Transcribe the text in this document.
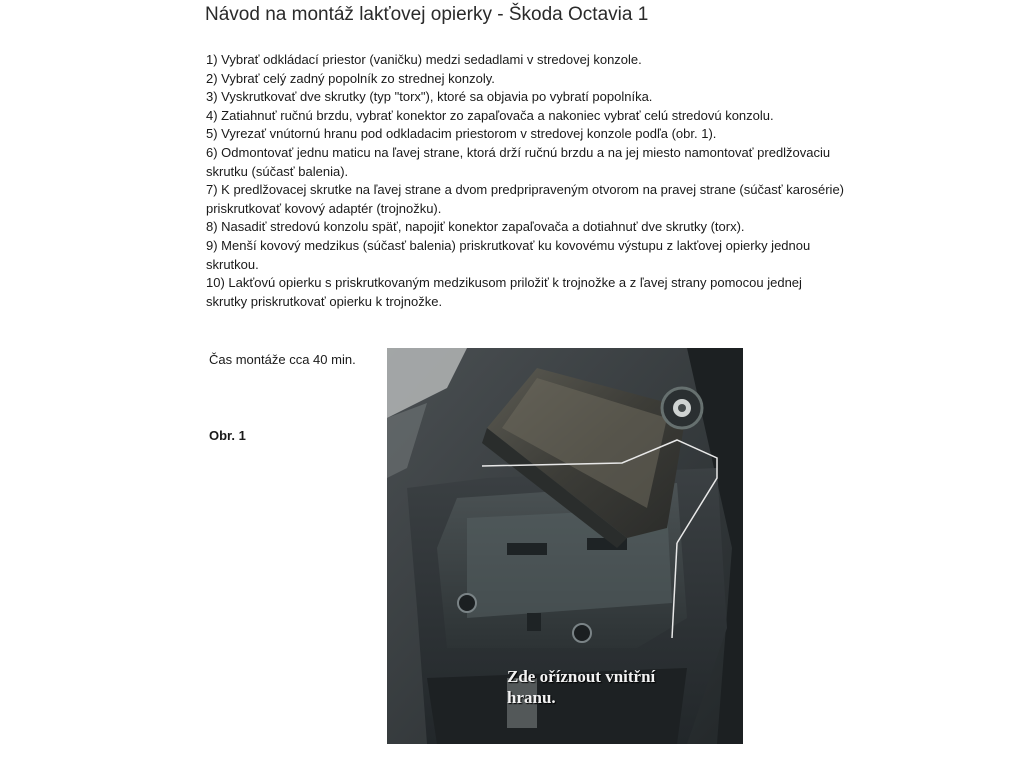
Návod na montáž lakťovej opierky - Škoda Octavia 1
1) Vybrať odkládací priestor (vaničku) medzi sedadlami v stredovej konzole.
2) Vybrať celý zadný popolník zo strednej konzoly.
3) Vyskrutkovať dve skrutky (typ "torx"), ktoré sa objavia po vybratí popolníka.
4) Zatiahnuť ručnú brzdu, vybrať konektor zo zapaľovača a nakoniec vybrať celú stredovú konzolu.
5) Vyrezať vnútornú hranu pod odkladacim priestorom v stredovej konzole podľa (obr. 1).
6) Odmontovať jednu maticu na ľavej strane, ktorá drží ručnú brzdu a na jej miesto namontovať predlžovaciu skrutku (súčasť balenia).
7) K predlžovacej skrutke na ľavej strane a dvom predpripraveným otvorom na pravej strane (súčasť karosérie) priskrutkovať kovový adaptér (trojnožku).
8) Nasadiť stredovú konzolu späť, napojiť konektor zapaľovača a dotiahnuť dve skrutky (torx).
9) Menší kovový medzikus (súčasť balenia) priskrutkovať ku kovovému výstupu z lakťovej opierky jednou skrutkou.
10) Lakťovú opierku s priskrutkovaným medzikusom priložiť k trojnožke a z ľavej strany pomocou jednej skrutky priskrutkovať opierku k trojnožke.
Čas montáže cca 40 min.
Obr. 1
Zde oříznout vnitřní
hranu.
